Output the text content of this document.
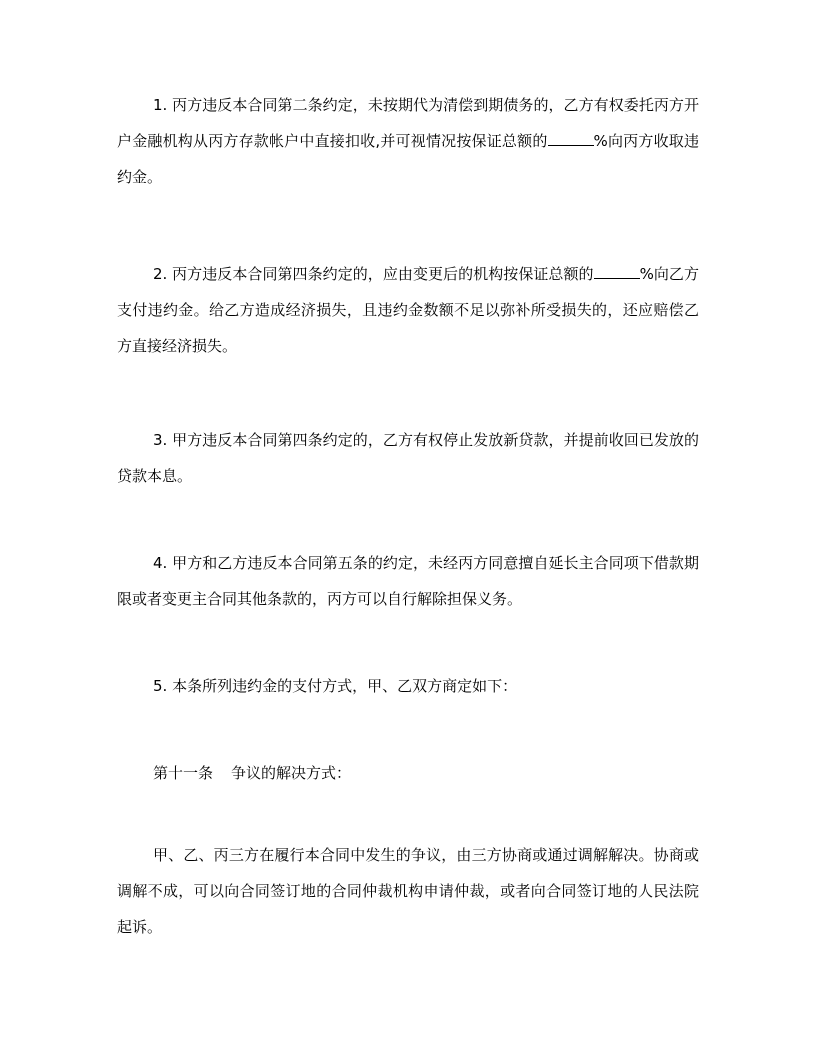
1. 丙方违反本合同第二条约定，未按期代为清偿到期债务的，乙方有权委托丙方开户金融机构从丙方存款帐户中直接扣收,并可视情况按保证总额的	%向丙方收取违约金。

2. 丙方违反本合同第四条约定的，应由变更后的机构按保证总额的	%向乙方支付违约金。给乙方造成经济损失，且违约金数额不足以弥补所受损失的，还应赔偿乙方直接经济损失。

3. 甲方违反本合同第四条约定的，乙方有权停止发放新贷款，并提前收回已发放的贷款本息。

4. 甲方和乙方违反本合同第五条的约定，未经丙方同意擅自延长主合同项下借款期限或者变更主合同其他条款的，丙方可以自行解除担保义务。

5. 本条所列违约金的支付方式，甲、乙双方商定如下：

第十一条 争议的解决方式：

甲、乙、丙三方在履行本合同中发生的争议，由三方协商或通过调解解决。协商或调解不成，可以向合同签订地的合同仲裁机构申请仲裁，或者向合同签订地的人民法院起诉。
